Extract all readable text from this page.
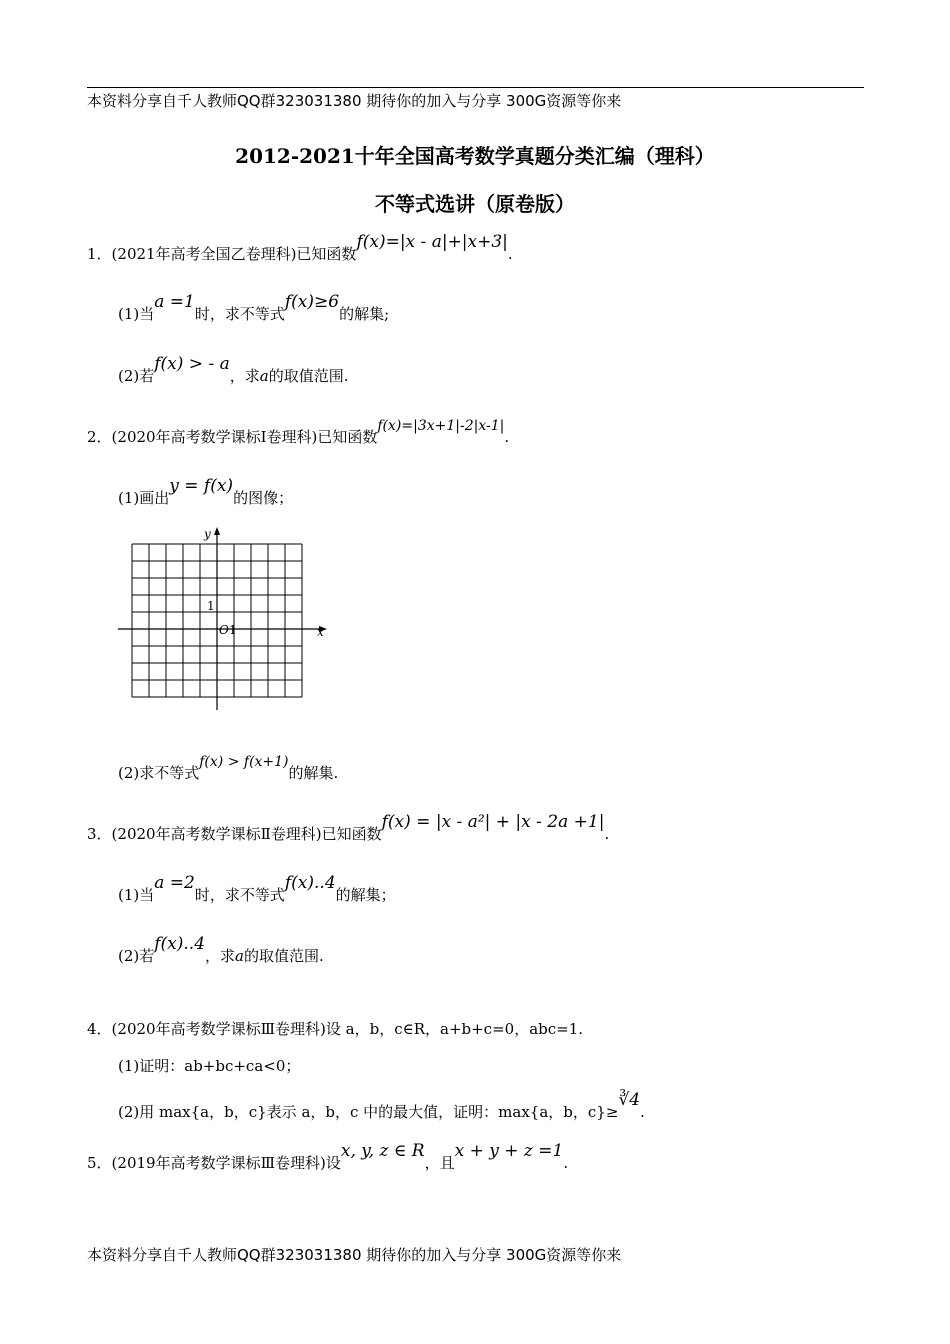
本资料分享自千人教师QQ群323031380 期待你的加入与分享 300G资源等你来
2012-2021十年全国高考数学真题分类汇编（理科）
不等式选讲（原卷版）
1．(2021年高考全国乙卷理科)已知函数f(x)=|x - a|+|x+3|.
(1)当a =1时，求不等式f(x)≥6的解集;
(2)若f(x) > - a，求a的取值范围.
2．(2020年高考数学课标Ⅰ卷理科)已知函数f(x)=|3x+1|-2|x-1|.
(1)画出y = f(x)的图像；
y
x
O 1
1
(2)求不等式f(x) > f(x+1)的解集.
3．(2020年高考数学课标Ⅱ卷理科)已知函数f(x) = |x - a²| + |x - 2a +1|.
(1)当a =2时，求不等式f(x)..4的解集；
(2)若f(x)..4，求a的取值范围.
4．(2020年高考数学课标Ⅲ卷理科)设 a，b，c∈R，a+b+c=0，abc=1.
(1)证明：ab+bc+ca<0；
(2)用 max{a，b，c}表示 a，b，c 中的最大值，证明：max{a，b，c}≥∛4.
5．(2019年高考数学课标Ⅲ卷理科)设x, y, z ∈ R，且x + y + z =1.
本资料分享自千人教师QQ群323031380 期待你的加入与分享 300G资源等你来
